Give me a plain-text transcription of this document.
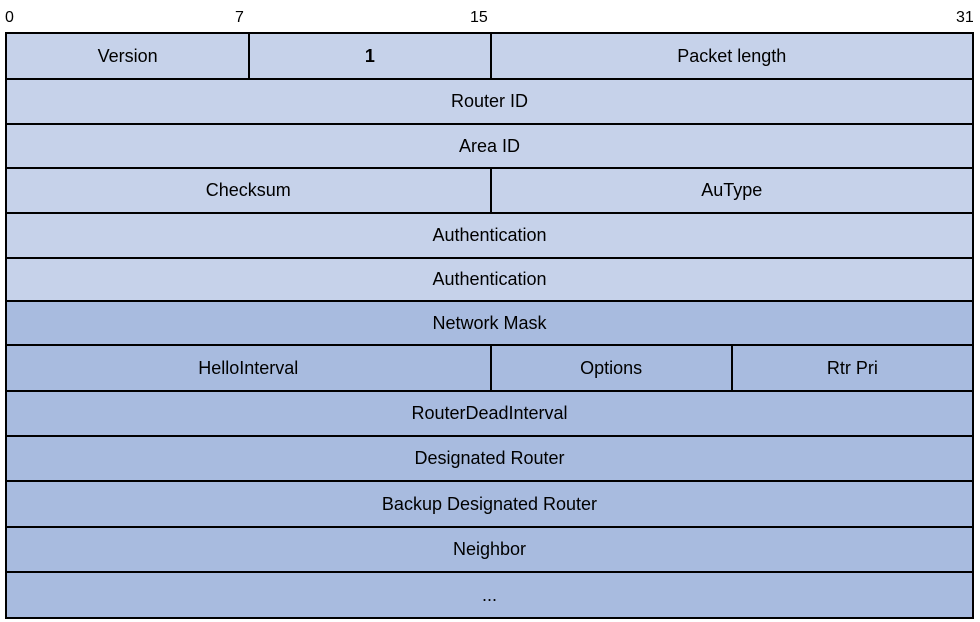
0	7	15	31
Version	1	Packet length
Router ID
Area ID
Checksum	AuType
Authentication
Authentication
Network Mask
HelloInterval	Options	Rtr Pri
RouterDeadInterval
Designated Router
Backup Designated Router
Neighbor
...
